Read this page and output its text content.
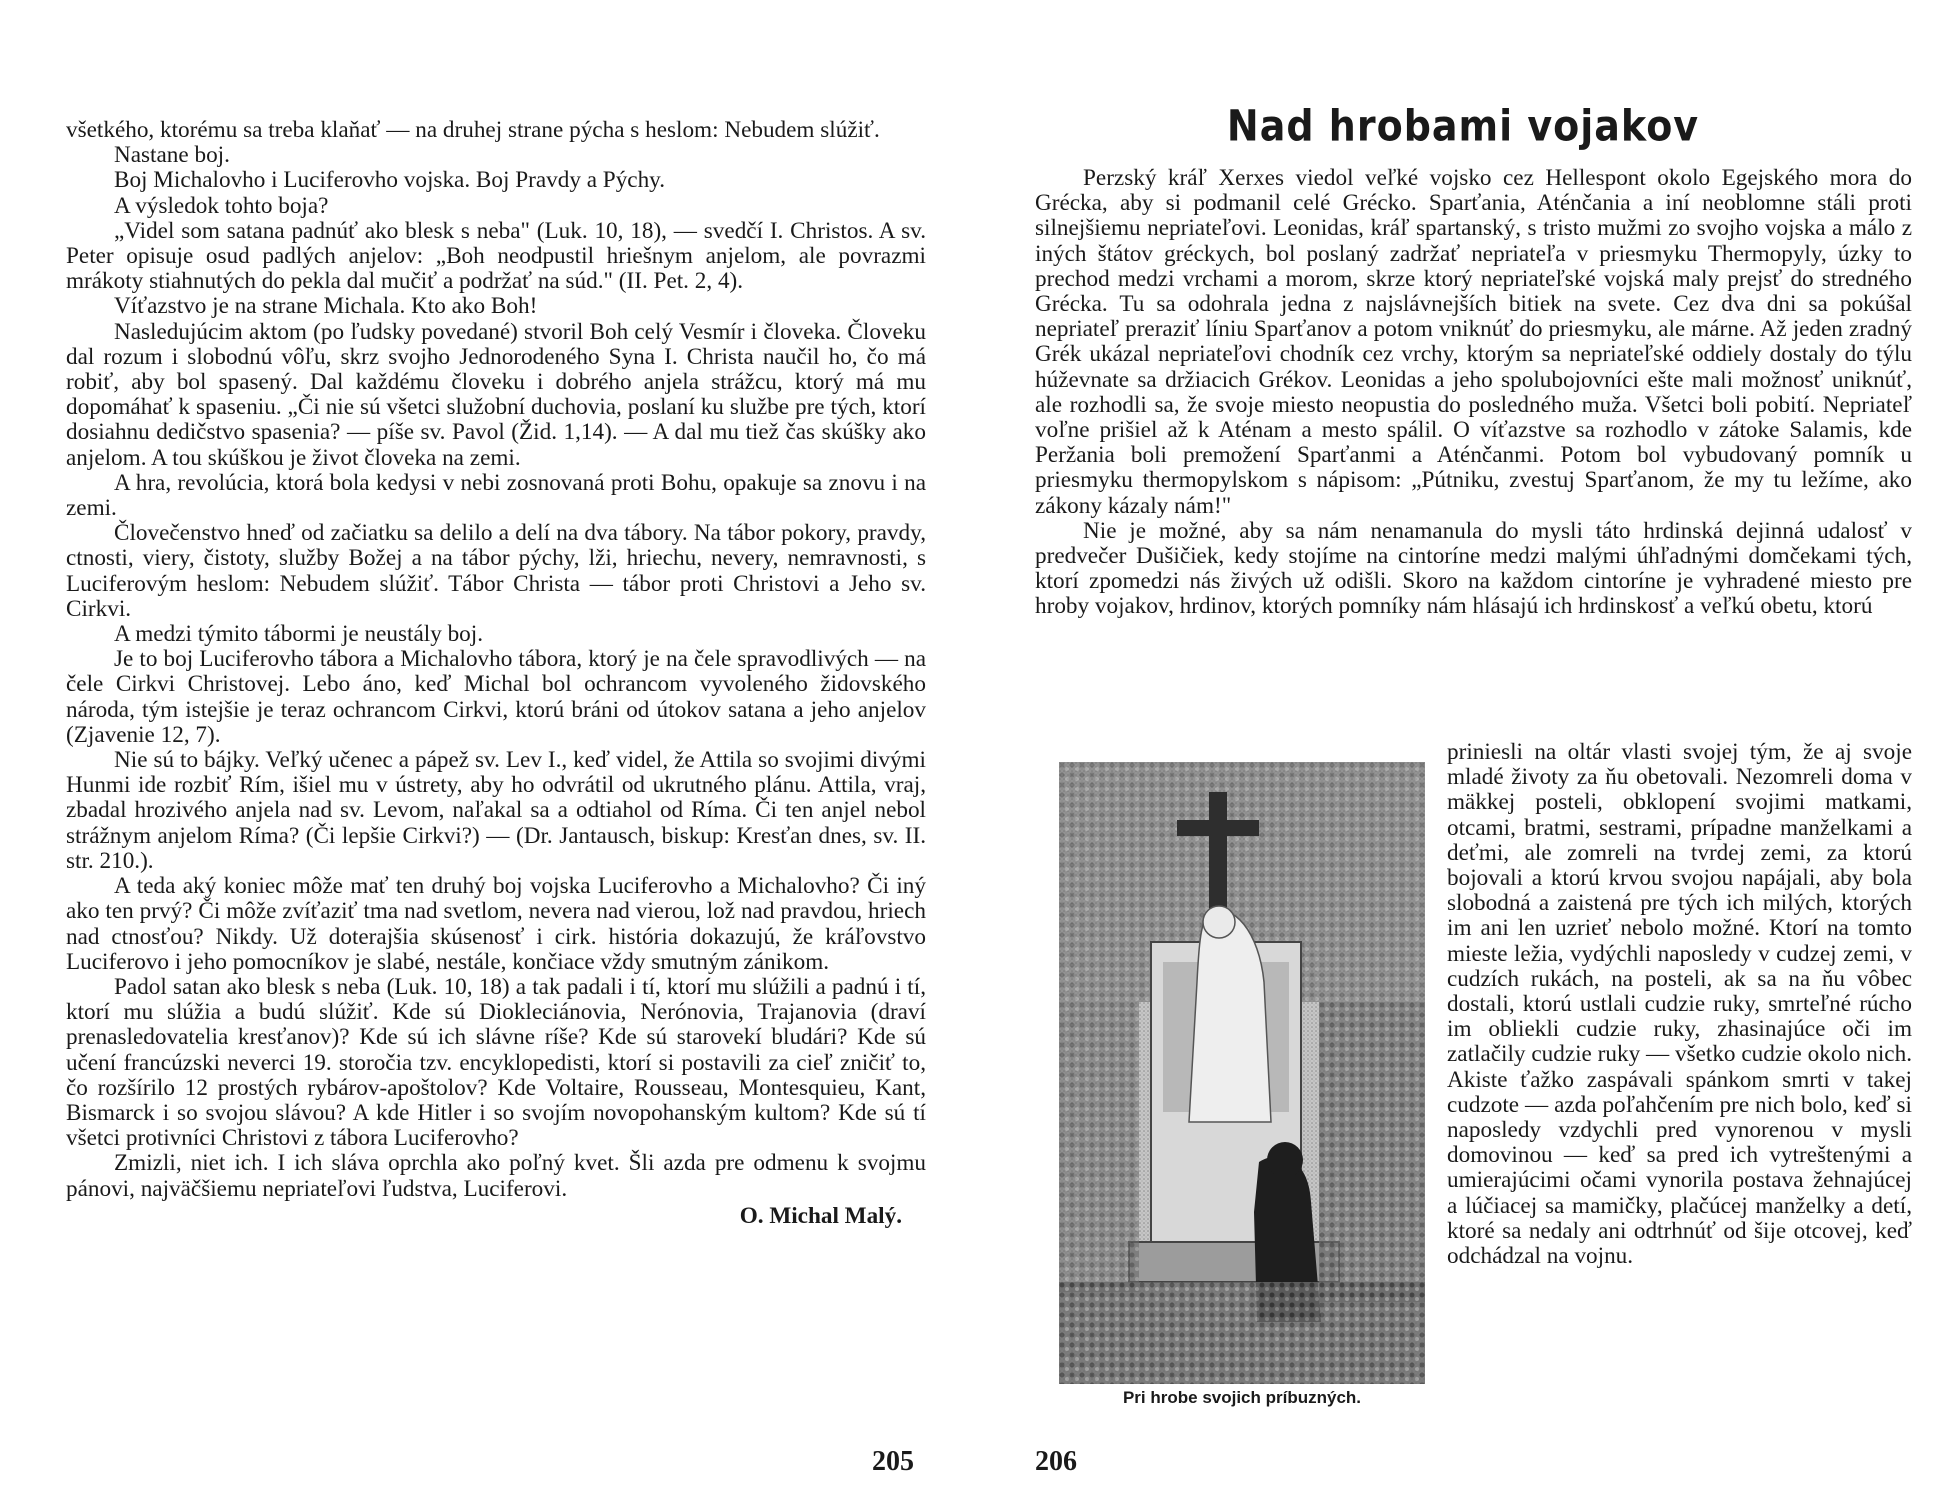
všetkého, ktorému sa treba klaňať — na druhej strane pýcha s heslom: Nebudem slúžiť.

Nastane boj.

Boj Michalovho i Luciferovho vojska. Boj Pravdy a Pýchy.

A výsledok tohto boja?

„Videl som satana padnúť ako blesk s neba" (Luk. 10, 18), — svedčí I. Christos. A sv. Peter opisuje osud padlých anjelov: „Boh neodpustil hriešnym anjelom, ale povrazmi mrákoty stiahnutých do pekla dal mučiť a podržať na súd." (II. Pet. 2, 4).

Víťazstvo je na strane Michala. Kto ako Boh!

Nasledujúcim aktom (po ľudsky povedané) stvoril Boh celý Vesmír i človeka. Človeku dal rozum i slobodnú vôľu, skrz svojho Jednorodeného Syna I. Christa naučil ho, čo má robiť, aby bol spasený. Dal každému človeku i dobrého anjela strážcu, ktorý má mu dopomáhať k spaseniu. „Či nie sú všetci služobní duchovia, poslaní ku službe pre tých, ktorí dosiahnu dedičstvo spasenia? — píše sv. Pavol (Žid. 1,14). — A dal mu tiež čas skúšky ako anjelom. A tou skúškou je život človeka na zemi.

A hra, revolúcia, ktorá bola kedysi v nebi zosnovaná proti Bohu, opakuje sa znovu i na zemi.

Človečenstvo hneď od začiatku sa delilo a delí na dva tábory. Na tábor pokory, pravdy, ctnosti, viery, čistoty, služby Božej a na tábor pýchy, lži, hriechu, nevery, nemravnosti, s Luciferovým heslom: Nebudem slúžiť. Tábor Christa — tábor proti Christovi a Jeho sv. Cirkvi.

A medzi týmito tábormi je neustály boj.

Je to boj Luciferovho tábora a Michalovho tábora, ktorý je na čele spravodlivých — na čele Cirkvi Christovej. Lebo áno, keď Michal bol ochrancom vyvoleného židovského národa, tým istejšie je teraz ochrancom Cirkvi, ktorú bráni od útokov satana a jeho anjelov (Zjavenie 12, 7).

Nie sú to bájky. Veľký učenec a pápež sv. Lev I., keď videl, že Attila so svojimi divými Hunmi ide rozbiť Rím, išiel mu v ústrety, aby ho odvrátil od ukrutného plánu. Attila, vraj, zbadal hrozivého anjela nad sv. Levom, naľakal sa a odtiahol od Ríma. Či ten anjel nebol strážnym anjelom Ríma? (Či lepšie Cirkvi?) — (Dr. Jantausch, biskup: Kresťan dnes, sv. II. str. 210.).

A teda aký koniec môže mať ten druhý boj vojska Luciferovho a Michalovho? Či iný ako ten prvý? Či môže zvíťaziť tma nad svetlom, nevera nad vierou, lož nad pravdou, hriech nad ctnosťou? Nikdy. Už doterajšia skúsenosť i cirk. história dokazujú, že kráľovstvo Luciferovo i jeho pomocníkov je slabé, nestále, končiace vždy smutným zánikom.

Padol satan ako blesk s neba (Luk. 10, 18) a tak padali i tí, ktorí mu slúžili a padnú i tí, ktorí mu slúžia a budú slúžiť. Kde sú Diokleciánovia, Nerónovia, Trajanovia (draví prenasledovatelia kresťanov)? Kde sú ich slávne ríše? Kde sú starovekí bludári? Kde sú učení francúzski neverci 19. storočia tzv. encyklopedisti, ktorí si postavili za cieľ zničiť to, čo rozšírilo 12 prostých rybárov-apoštolov? Kde Voltaire, Rousseau, Montesquieu, Kant, Bismarck i so svojou slávou? A kde Hitler i so svojím novopohanským kultom? Kde sú tí všetci protivníci Christovi z tábora Luciferovho?

Zmizli, niet ich. I ich sláva oprchla ako poľný kvet. Šli azda pre odmenu k svojmu pánovi, najväčšiemu nepriateľovi ľudstva, Luciferovi.

O. Michal Malý.

205
Nad hrobami vojakov

Perzský kráľ Xerxes viedol veľké vojsko cez Hellespont okolo Egejského mora do Grécka, aby si podmanil celé Grécko. Sparťania, Aténčania a iní neoblomne stáli proti silnejšiemu nepriateľovi. Leonidas, kráľ spartanský, s tristo mužmi zo svojho vojska a málo z iných štátov gréckych, bol poslaný zadržať nepriateľa v priesmyku Thermopyly, úzky to prechod medzi vrchami a morom, skrze ktorý nepriateľské vojská maly prejsť do stredného Grécka. Tu sa odohrala jedna z najslávnejších bitiek na svete. Cez dva dni sa pokúšal nepriateľ preraziť líniu Sparťanov a potom vniknúť do priesmyku, ale márne. Až jeden zradný Grék ukázal nepriateľovi chodník cez vrchy, ktorým sa nepriateľské oddiely dostaly do týlu húževnate sa držiacich Grékov. Leonidas a jeho spolubojovníci ešte mali možnosť uniknúť, ale rozhodli sa, že svoje miesto neopustia do posledného muža. Všetci boli pobití. Nepriateľ voľne prišiel až k Aténam a mesto spálil. O víťazstve sa rozhodlo v zátoke Salamis, kde Peržania boli premožení Sparťanmi a Aténčanmi. Potom bol vybudovaný pomník u priesmyku thermopylskom s nápisom: „Pútniku, zvestuj Sparťanom, že my tu ležíme, ako zákony kázaly nám!"

Nie je možné, aby sa nám nenamanula do mysli táto hrdinská dejinná udalosť v predvečer Dušičiek, kedy stojíme na cintoríne medzi malými úhľadnými domčekami tých, ktorí zpomedzi nás živých už odišli. Skoro na každom cintoríne je vyhradené miesto pre hroby vojakov, hrdinov, ktorých pomníky nám hlásajú ich hrdinskosť a veľkú obetu, ktorú

Pri hrobe svojich príbuzných.

priniesli na oltár vlasti svojej tým, že aj svoje mladé životy za ňu obetovali. Nezomreli doma v mäkkej posteli, obklopení svojimi matkami, otcami, bratmi, sestrami, prípadne manželkami a deťmi, ale zomreli na tvrdej zemi, za ktorú bojovali a ktorú krvou svojou napájali, aby bola slobodná a zaistená pre tých ich milých, ktorých im ani len uzrieť nebolo možné. Ktorí na tomto mieste ležia, vydýchli naposledy v cudzej zemi, v cudzích rukách, na posteli, ak sa na ňu vôbec dostali, ktorú ustlali cudzie ruky, smrteľné rúcho im obliekli cudzie ruky, zhasinajúce oči im zatlačily cudzie ruky — všetko cudzie okolo nich. Akiste ťažko zaspávali spánkom smrti v takej cudzote — azda poľahčením pre nich bolo, keď si naposledy vzdychli pred vynorenou v mysli domovinou — keď sa pred ich vytreštenými a umierajúcimi očami vynorila postava žehnajúcej a lúčiacej sa mamičky, plačúcej manželky a detí, ktoré sa nedaly ani odtrhnúť od šije otcovej, keď odchádzal na vojnu.

206
